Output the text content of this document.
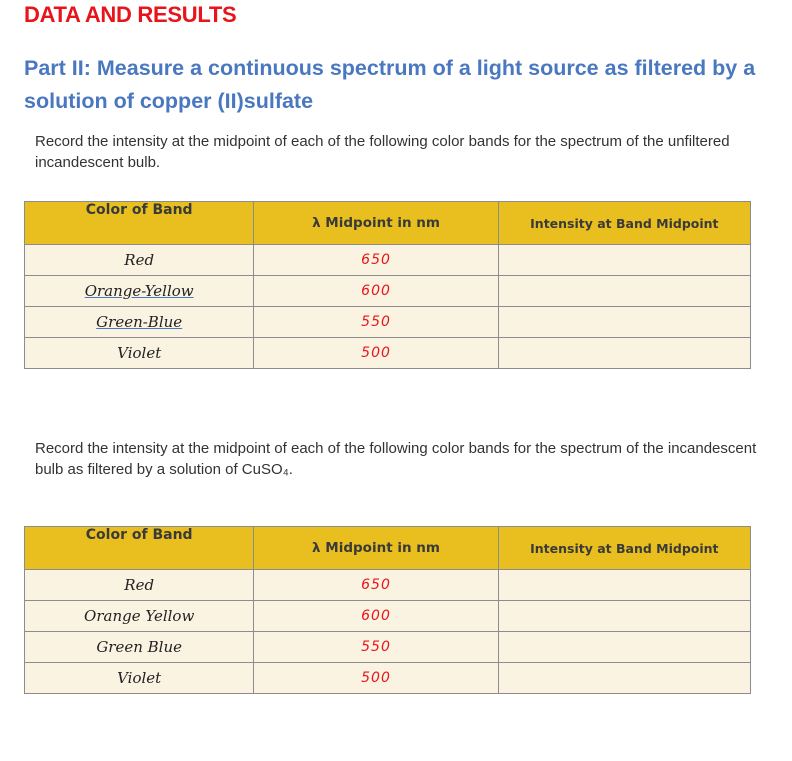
DATA AND RESULTS
Part II: Measure a continuous spectrum of a light source as filtered by a solution of copper (II)sulfate
Record the intensity at the midpoint of each of the following color bands for the spectrum of the unfiltered incandescent bulb.
Color of Band	λ Midpoint in nm	Intensity at Band Midpoint
Red	650	
Orange-Yellow	600	
Green-Blue	550	
Violet	500	
Record the intensity at the midpoint of each of the following color bands for the spectrum of the incandescent bulb as filtered by a solution of CuSO₄.
Color of Band	λ Midpoint in nm	Intensity at Band Midpoint
Red	650	
Orange Yellow	600	
Green Blue	550	
Violet	500	
